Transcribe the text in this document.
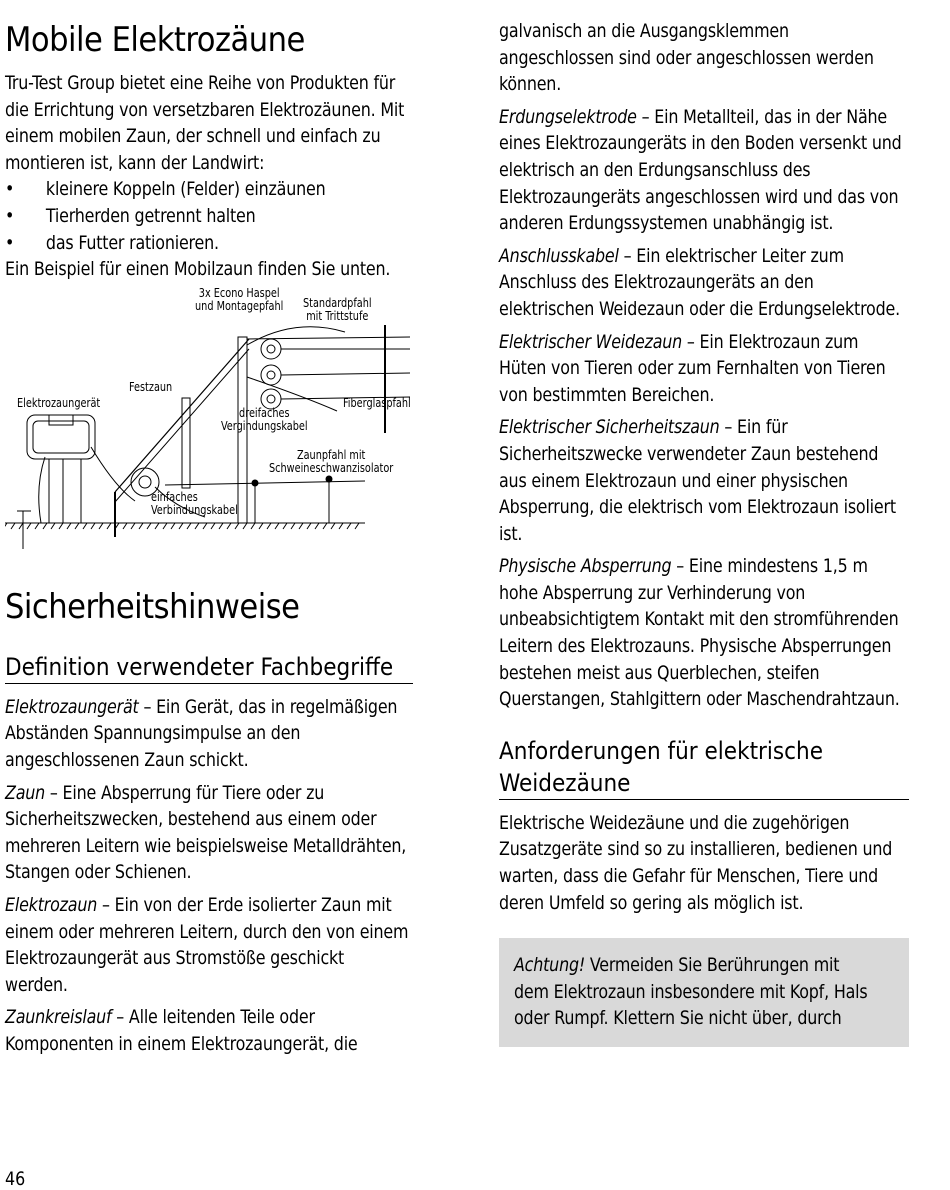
Mobile Elektrozäune

Tru-Test Group bietet eine Reihe von Produkten für die Errichtung von versetzbaren Elektrozäunen. Mit einem mobilen Zaun, der schnell und einfach zu montieren ist, kann der Landwirt:

• kleinere Koppeln (Felder) einzäunen
• Tierherden getrennt halten
• das Futter rationieren.

Ein Beispiel für einen Mobilzaun finden Sie unten.

3x Econo Haspel
und Montagepfahl Standardpfahl
mit Trittstufe
Elektrozaungerät
Festzaun
Fiberglaspfahl
dreifaches
Vergindungskabel
Zaunpfahl mit
Schweineschwanzisolator
einfaches
Verbindungskabel
Sicherheitshinweise
Definition verwendeter Fachbegriffe

Elektrozaungerät – Ein Gerät, das in regelmäßigen Abständen Spannungsimpulse an den angeschlossenen Zaun schickt.

Zaun – Eine Absperrung für Tiere oder zu Sicherheitszwecken, bestehend aus einem oder mehreren Leitern wie beispielsweise Metalldrähten, Stangen oder Schienen.

Elektrozaun – Ein von der Erde isolierter Zaun mit einem oder mehreren Leitern, durch den von einem Elektrozaungerät aus Stromstöße geschickt werden.

Zaunkreislauf – Alle leitenden Teile oder Komponenten in einem Elektrozaungerät, die

galvanisch an die Ausgangsklemmen angeschlossen sind oder angeschlossen werden können.

Erdungselektrode – Ein Metallteil, das in der Nähe eines Elektrozaungeräts in den Boden versenkt und elektrisch an den Erdungsanschluss des Elektrozaungeräts angeschlossen wird und das von anderen Erdungssystemen unabhängig ist.

Anschlusskabel – Ein elektrischer Leiter zum Anschluss des Elektrozaungeräts an den elektrischen Weidezaun oder die Erdungselektrode.

Elektrischer Weidezaun – Ein Elektrozaun zum Hüten von Tieren oder zum Fernhalten von Tieren von bestimmten Bereichen.

Elektrischer Sicherheitszaun – Ein für Sicherheitszwecke verwendeter Zaun bestehend aus einem Elektrozaun und einer physischen Absperrung, die elektrisch vom Elektrozaun isoliert ist.

Physische Absperrung – Eine mindestens 1,5 m hohe Absperrung zur Verhinderung von unbeabsichtigtem Kontakt mit den stromführenden Leitern des Elektrozauns. Physische Absperrungen bestehen meist aus Querblechen, steifen Querstangen, Stahlgittern oder Maschendrahtzaun.

Anforderungen für elektrische Weidezäune

Elektrische Weidezäune und die zugehörigen Zusatzgeräte sind so zu installieren, bedienen und warten, dass die Gefahr für Menschen, Tiere und deren Umfeld so gering als möglich ist.

Achtung! Vermeiden Sie Berührungen mit dem Elektrozaun insbesondere mit Kopf, Hals oder Rumpf. Klettern Sie nicht über, durch

46
